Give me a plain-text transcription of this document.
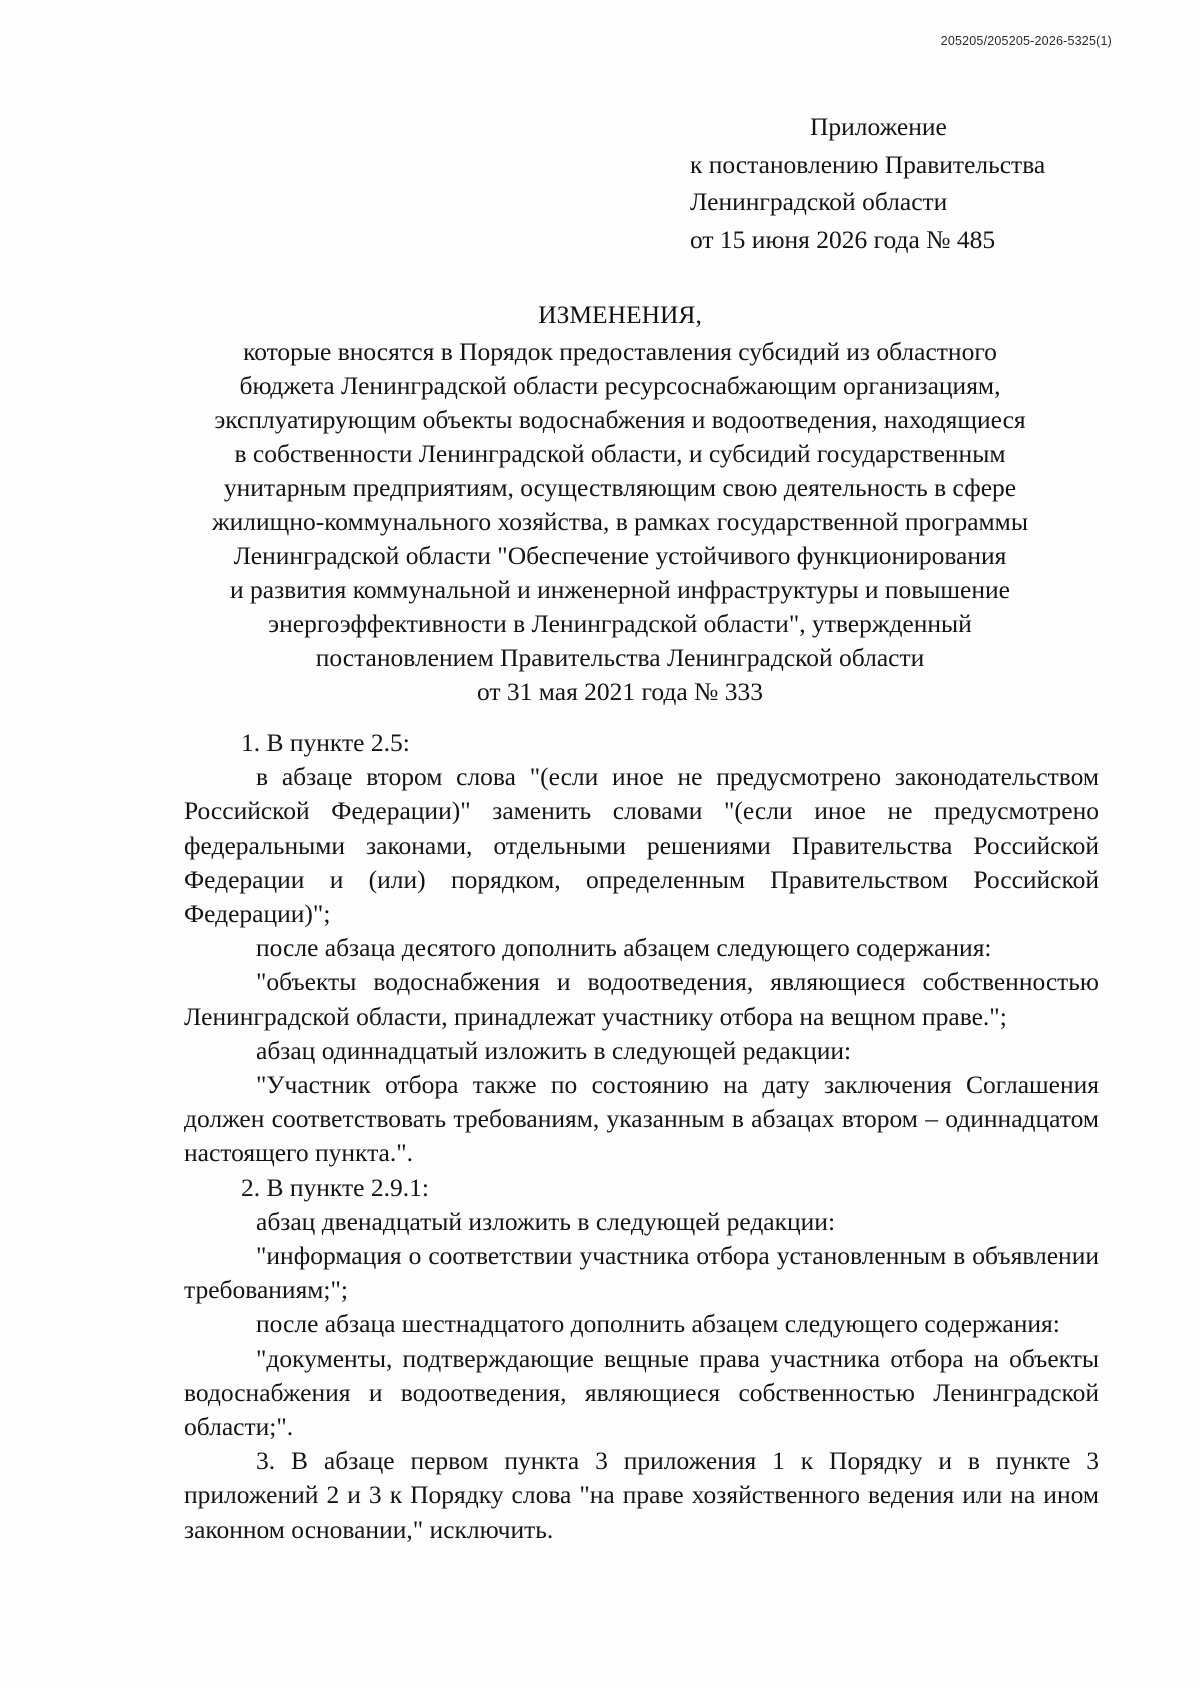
205205/205205-2026-5325(1)

Приложение

к постановлению Правительства

Ленинградской области

от 15 июня 2026 года № 485

ИЗМЕНЕНИЯ,

которые вносятся в Порядок предоставления субсидий из областного

бюджета Ленинградской области ресурсоснабжающим организациям,

эксплуатирующим объекты водоснабжения и водоотведения, находящиеся

в собственности Ленинградской области, и субсидий государственным

унитарным предприятиям, осуществляющим свою деятельность в сфере

жилищно-коммунального хозяйства, в рамках государственной программы

Ленинградской области "Обеспечение устойчивого функционирования

и развития коммунальной и инженерной инфраструктуры и повышение

энергоэффективности в Ленинградской области", утвержденный

постановлением Правительства Ленинградской области

от 31 мая 2021 года № 333

1. В пункте 2.5:

в абзаце втором слова "(если иное не предусмотрено законодательством Российской Федерации)" заменить словами "(если иное не предусмотрено федеральными законами, отдельными решениями Правительства Российской Федерации и (или) порядком, определенным Правительством Российской Федерации)";

после абзаца десятого дополнить абзацем следующего содержания:

"объекты водоснабжения и водоотведения, являющиеся собственностью Ленинградской области, принадлежат участнику отбора на вещном праве.";

абзац одиннадцатый изложить в следующей редакции:

"Участник отбора также по состоянию на дату заключения Соглашения должен соответствовать требованиям, указанным в абзацах втором – одиннадцатом настоящего пункта.".

2. В пункте 2.9.1:

абзац двенадцатый изложить в следующей редакции:

"информация о соответствии участника отбора установленным в объявлении требованиям;";

после абзаца шестнадцатого дополнить абзацем следующего содержания:

"документы, подтверждающие вещные права участника отбора на объекты водоснабжения и водоотведения, являющиеся собственностью Ленинградской области;".

3. В абзаце первом пункта 3 приложения 1 к Порядку и в пункте 3 приложений 2 и 3 к Порядку слова "на праве хозяйственного ведения или на ином законном основании," исключить.
